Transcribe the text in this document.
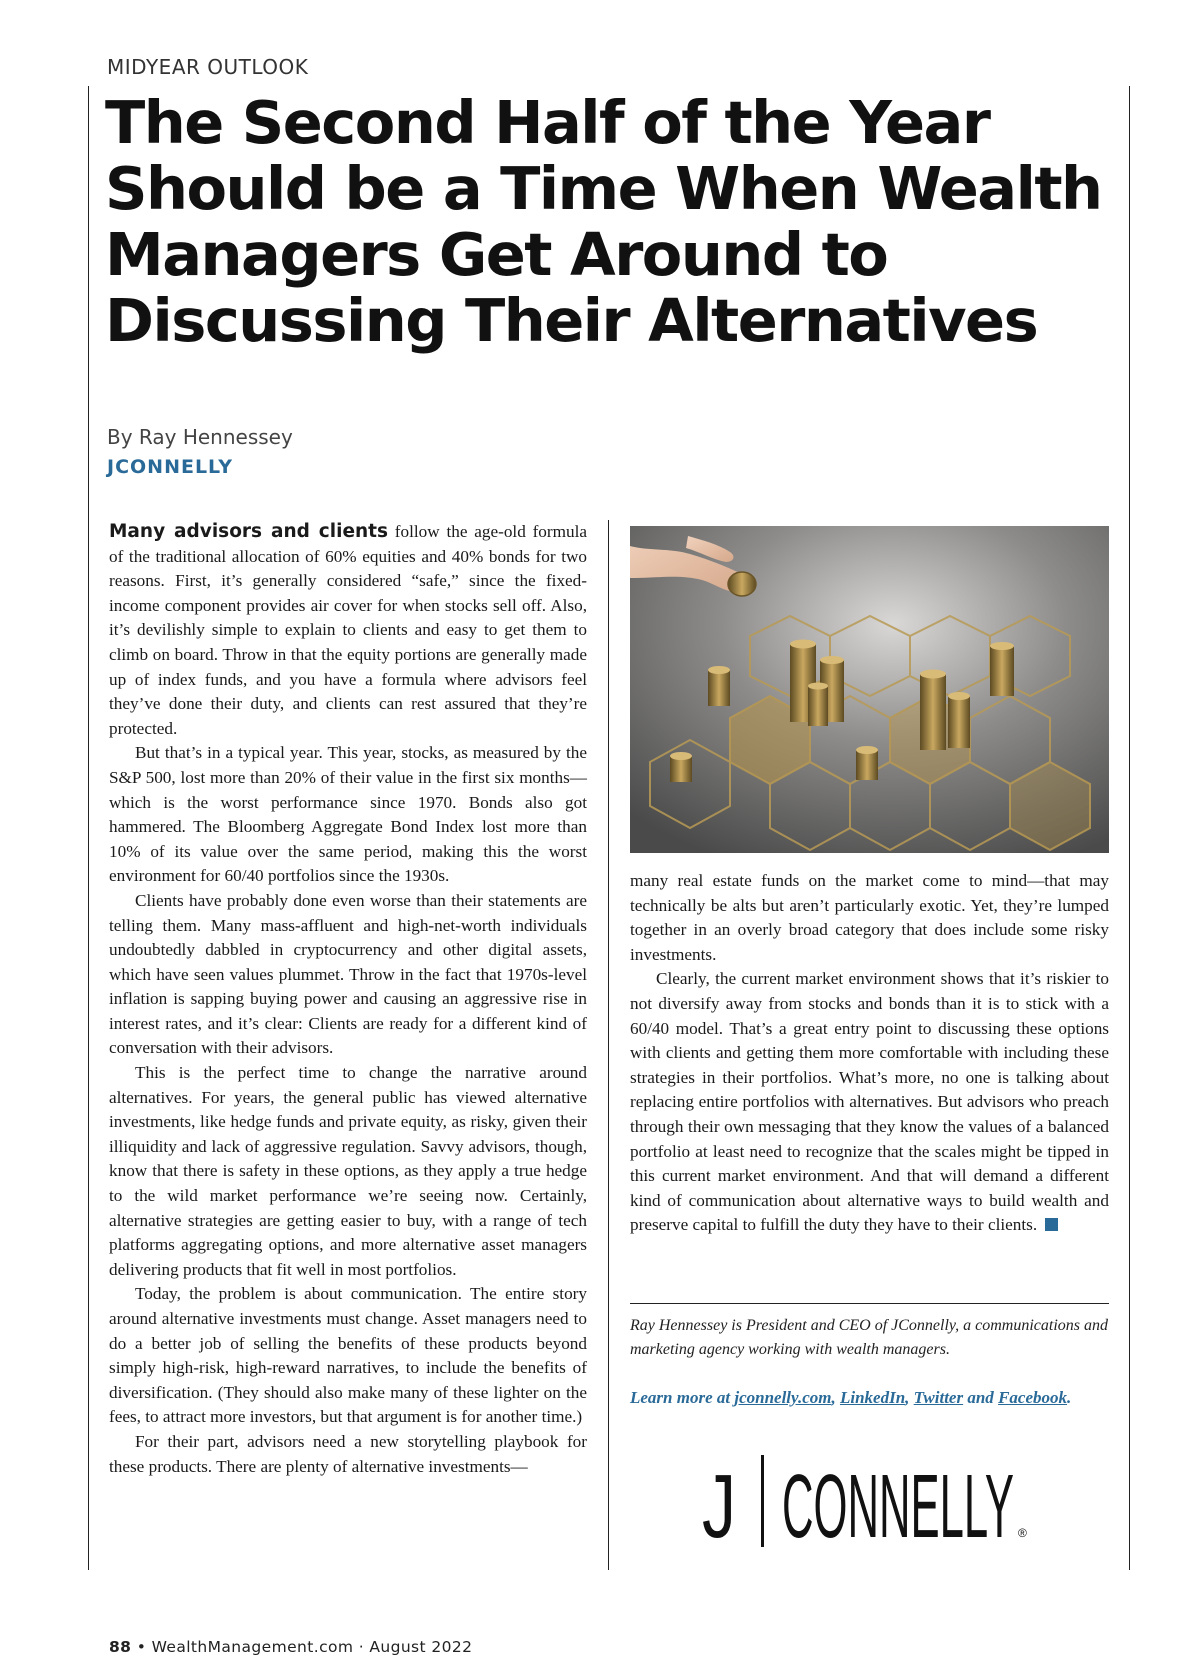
MIDYEAR OUTLOOK
The Second Half of the Year Should be a Time When Wealth Managers Get Around to Discussing Their Alternatives
By Ray Hennessey
JCONNELLY

Many advisors and clients follow the age-old formula of the traditional allocation of 60% equities and 40% bonds for two reasons. First, it’s generally considered “safe,” since the fixed-income component provides air cover for when stocks sell off. Also, it’s devilishly simple to explain to clients and easy to get them to climb on board. Throw in that the equity portions are generally made up of index funds, and you have a formula where advisors feel they’ve done their duty, and clients can rest assured that they’re protected.

But that’s in a typical year. This year, stocks, as measured by the S&P 500, lost more than 20% of their value in the first six months—which is the worst performance since 1970. Bonds also got hammered. The Bloomberg Aggregate Bond Index lost more than 10% of its value over the same period, making this the worst environment for 60/40 portfolios since the 1930s.

Clients have probably done even worse than their statements are telling them. Many mass-affluent and high-net-worth individuals undoubtedly dabbled in cryptocurrency and other digital assets, which have seen values plummet. Throw in the fact that 1970s-level inflation is sapping buying power and causing an aggressive rise in interest rates, and it’s clear: Clients are ready for a different kind of conversation with their advisors.

This is the perfect time to change the narrative around alternatives. For years, the general public has viewed alternative investments, like hedge funds and private equity, as risky, given their illiquidity and lack of aggressive regulation. Savvy advisors, though, know that there is safety in these options, as they apply a true hedge to the wild market performance we’re seeing now. Certainly, alternative strategies are getting easier to buy, with a range of tech platforms aggregating options, and more alternative asset managers delivering products that fit well in most portfolios.

Today, the problem is about communication. The entire story around alternative investments must change. Asset managers need to do a better job of selling the benefits of these products beyond simply high-risk, high-reward narratives, to include the benefits of diversification. (They should also make many of these lighter on the fees, to attract more investors, but that argument is for another time.)

For their part, advisors need a new storytelling playbook for these products. There are plenty of alternative investments—

many real estate funds on the market come to mind—that may technically be alts but aren’t particularly exotic. Yet, they’re lumped together in an overly broad category that does include some risky investments.

Clearly, the current market environment shows that it’s riskier to not diversify away from stocks and bonds than it is to stick with a 60/40 model. That’s a great entry point to discussing these options with clients and getting them more comfortable with including these strategies in their portfolios. What’s more, no one is talking about replacing entire portfolios with alternatives. But advisors who preach through their own messaging that they know the values of a balanced portfolio at least need to recognize that the scales might be tipped in this current market environment. And that will demand a different kind of communication about alternative ways to build wealth and preserve capital to fulfill the duty they have to their clients.

Ray Hennessey is President and CEO of JConnelly, a communications and marketing agency working with wealth managers.
Learn more at jconnelly.com, LinkedIn, Twitter and Facebook.
J CONNELLY ®
88 • WealthManagement.com · August 2022
